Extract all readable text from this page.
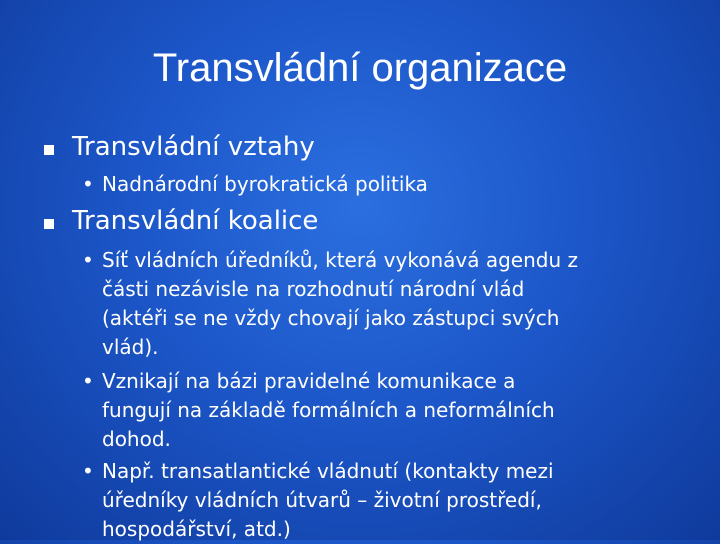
Transvládní organizace
Transvládní vztahy
• Nadnárodní byrokratická politika
Transvládní koalice
• Síť vládních úředníků, která vykonává agendu z
části nezávisle na rozhodnutí národní vlád
(aktéři se ne vždy chovají jako zástupci svých
vlád).
• Vznikají na bázi pravidelné komunikace a
fungují na základě formálních a neformálních
dohod.
• Např. transatlantické vládnutí (kontakty mezi
úředníky vládních útvarů – životní prostředí,
hospodářství, atd.)
